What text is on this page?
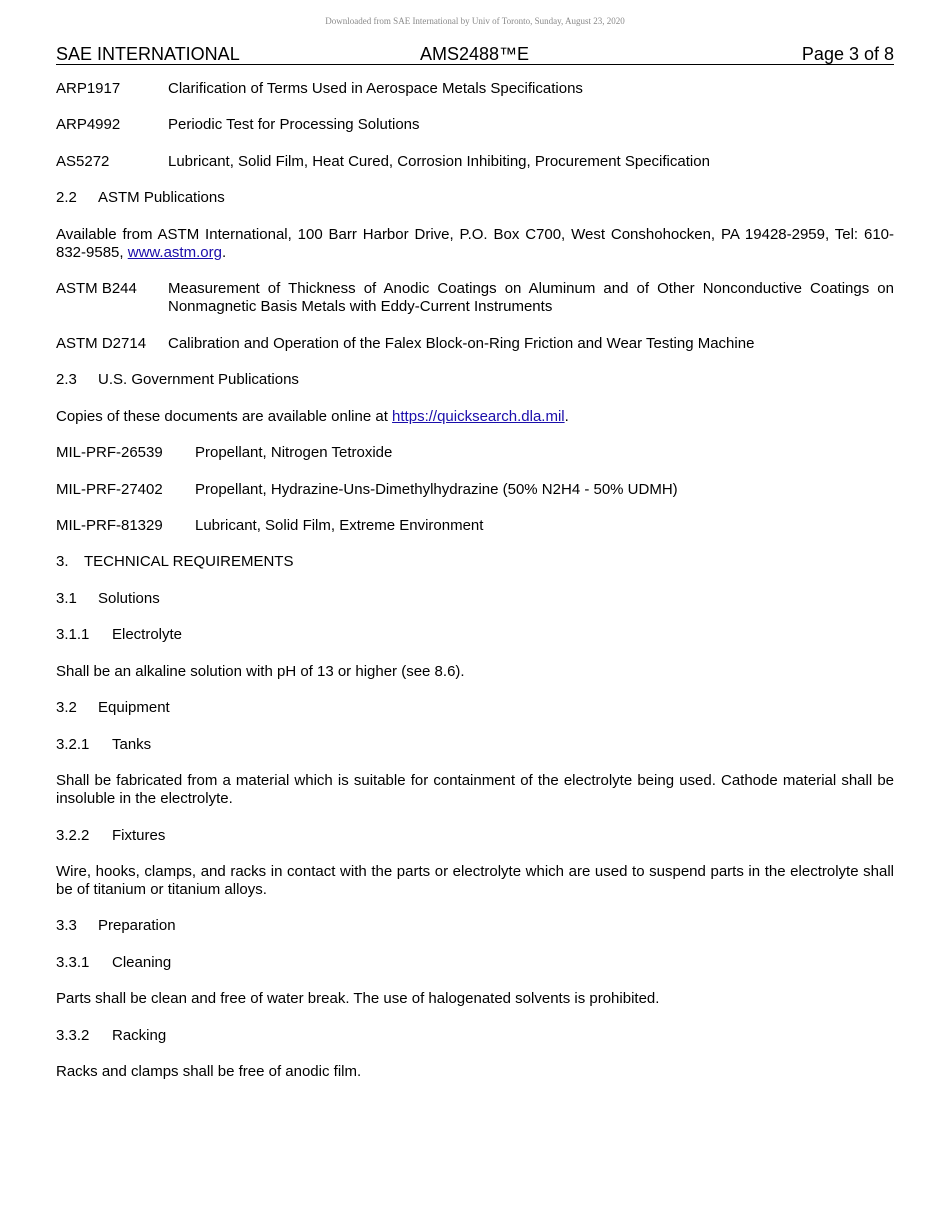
Downloaded from SAE International by Univ of Toronto, Sunday, August 23, 2020
SAE INTERNATIONAL	AMS2488™E	Page 3 of 8
ARP1917	Clarification of Terms Used in Aerospace Metals Specifications
ARP4992	Periodic Test for Processing Solutions
AS5272	Lubricant, Solid Film, Heat Cured, Corrosion Inhibiting, Procurement Specification
2.2 ASTM Publications
Available from ASTM International, 100 Barr Harbor Drive, P.O. Box C700, West Conshohocken, PA 19428-2959, Tel: 610-832-9585, www.astm.org.
ASTM B244	Measurement of Thickness of Anodic Coatings on Aluminum and of Other Nonconductive Coatings on Nonmagnetic Basis Metals with Eddy-Current Instruments
ASTM D2714	Calibration and Operation of the Falex Block-on-Ring Friction and Wear Testing Machine
2.3 U.S. Government Publications
Copies of these documents are available online at https://quicksearch.dla.mil.
MIL-PRF-26539	Propellant, Nitrogen Tetroxide
MIL-PRF-27402	Propellant, Hydrazine-Uns-Dimethylhydrazine (50% N2H4 - 50% UDMH)
MIL-PRF-81329	Lubricant, Solid Film, Extreme Environment
3. TECHNICAL REQUIREMENTS
3.1 Solutions
3.1.1 Electrolyte
Shall be an alkaline solution with pH of 13 or higher (see 8.6).
3.2 Equipment
3.2.1 Tanks
Shall be fabricated from a material which is suitable for containment of the electrolyte being used. Cathode material shall be insoluble in the electrolyte.
3.2.2 Fixtures
Wire, hooks, clamps, and racks in contact with the parts or electrolyte which are used to suspend parts in the electrolyte shall be of titanium or titanium alloys.
3.3 Preparation
3.3.1 Cleaning
Parts shall be clean and free of water break. The use of halogenated solvents is prohibited.
3.3.2 Racking
Racks and clamps shall be free of anodic film.
